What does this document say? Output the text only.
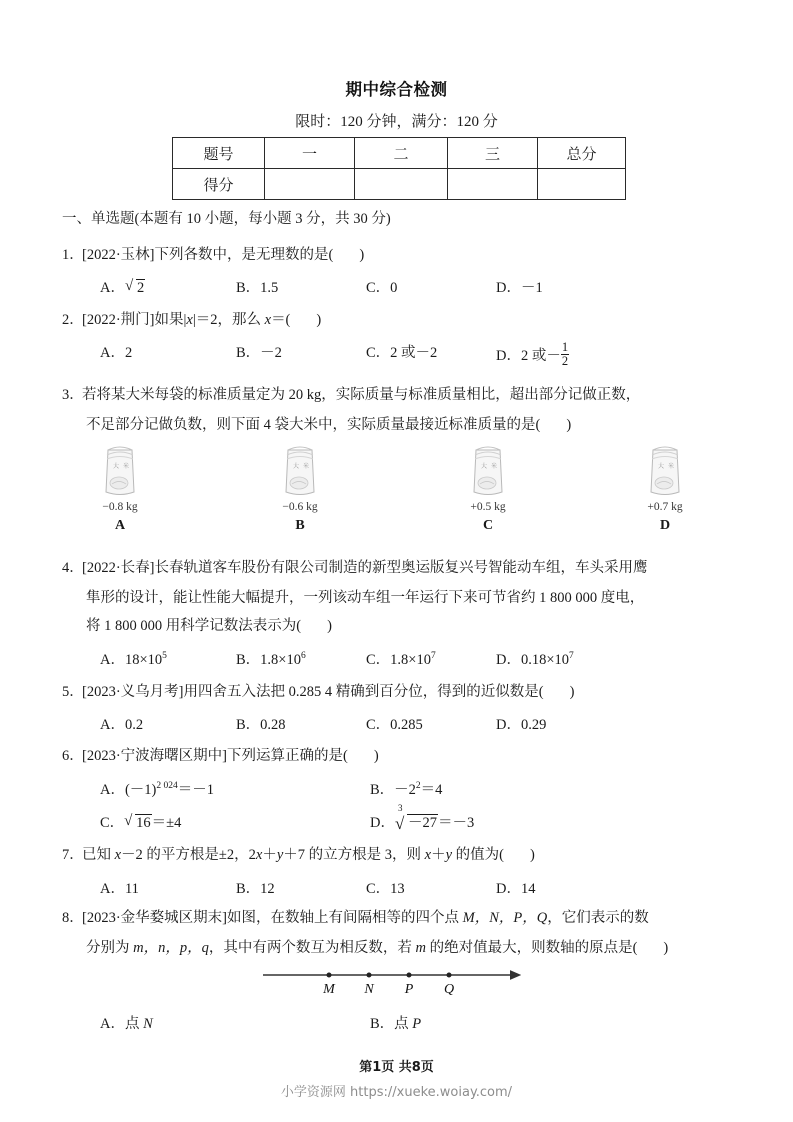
期中综合检测
限时：120 分钟，满分：120 分
题号	一	二	三	总分
得分				
一、单选题(本题有 10 小题，每小题 3 分，共 30 分)
1．[2022·玉林]下列各数中，是无理数的是( )
A． √ 2	B．1.5	C．0	D．－1
2．[2022·荆门]如果|x|＝2，那么 x＝( )
A．2	B．－2	C．2 或－2	D．2 或－ $\frac{1}{2}$
3．若将某大米每袋的标准质量定为 20 kg，实际质量与标准质量相比，超出部分记做正数，
不足部分记做负数，则下面 4 袋大米中，实际质量最接近标准质量的是( )
大 米
−0.8 kg
A
大 米
−0.6 kg
B
大 米
+0.5 kg
C
大 米
+0.7 kg
D
4．[2022·长春]长春轨道客车股份有限公司制造的新型奥运版复兴号智能动车组，车头采用鹰
隼形的设计，能让性能大幅提升，一列该动车组一年运行下来可节省约 1 800 000 度电，
将 1 800 000 用科学记数法表示为( )
A．$18\times 10^5$	B．$1.8\times 10^6$	C．$1.8\times 10^7$	D．$0.18\times 10^7$
5．[2023·义乌月考]用四舍五入法把 0.285 4 精确到百分位，得到的近似数是( )
A．0.2	B．0.28	C．0.285	D．0.29
6．[2023·宁波海曙区期中]下列运算正确的是( )
A．$(-1)^{2 024}=-1$	B．$-2^2=4$
C． √ 16＝±4	D．
√ 3
－27＝－3
7．已知 x－2 的平方根是±2，2x＋y＋7 的立方根是 3，则 x＋y 的值为( )
A．11	B．12	C．13	D．14
8．[2023·金华婺城区期末]如图，在数轴上有间隔相等的四个点 M，N，P，Q，它们表示的数
分别为 m，n，p，q，其中有两个数互为相反数，若 m 的绝对值最大，则数轴的原点是( )
M N P Q
A．点 N	B．点 P
第1页 共8页
小学资源网 https://xueke.woiay.com/
